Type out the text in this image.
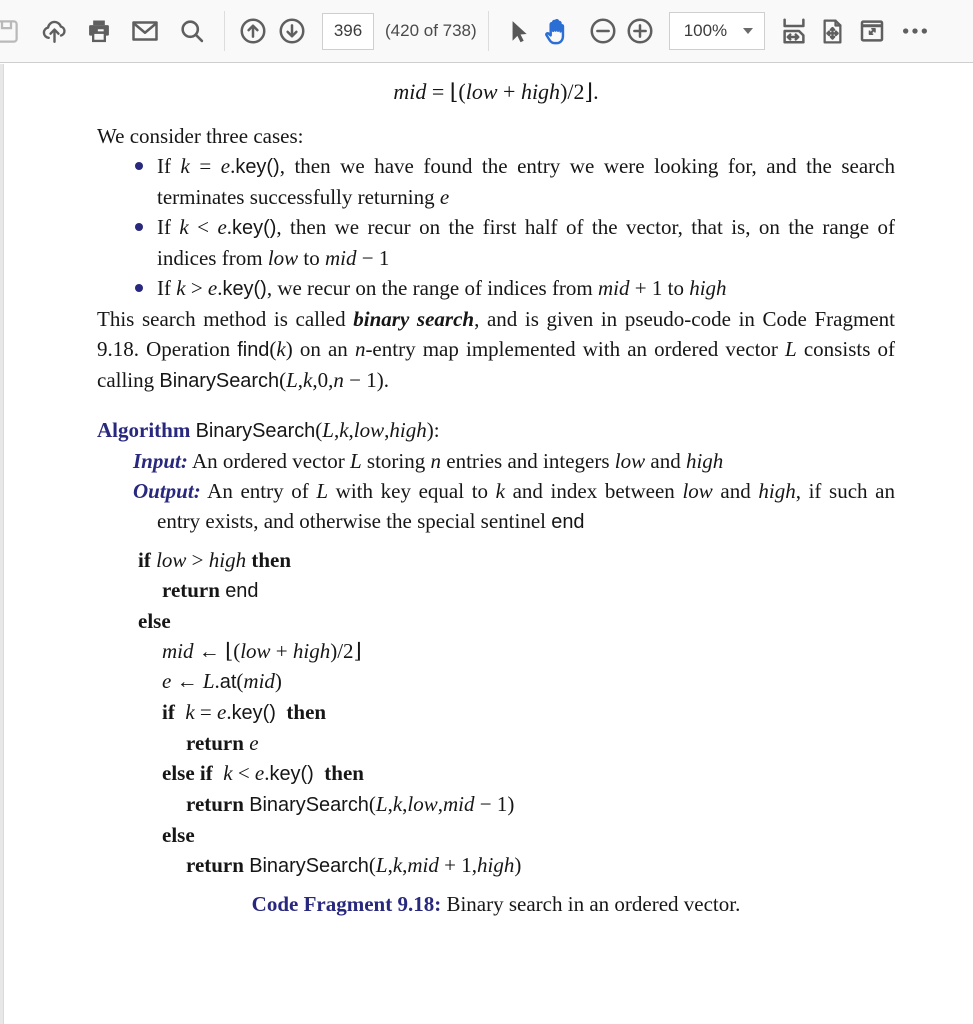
396
(420 of 738)	100%
mid = ⌊(low + high)/2⌋.
We consider three cases:
If k = e.key(), then we have found the entry we were looking for, and the search terminates successfully returning e
If k < e.key(), then we recur on the first half of the vector, that is, on the range of indices from low to mid − 1
If k > e.key(), we recur on the range of indices from mid + 1 to high
This search method is called binary search, and is given in pseudo-code in Code Fragment 9.18. Operation find(k) on an n-entry map implemented with an ordered vector L consists of calling BinarySearch(L,k,0,n − 1).
Algorithm BinarySearch(L,k,low,high):
Input: An ordered vector L storing n entries and integers low and high
Output: An entry of L with key equal to k and index between low and high, if such an entry exists, and otherwise the special sentinel end
if low > high then
return end
else
mid ← ⌊(low + high)/2⌋
e ← L.at(mid)
if  k = e.key()  then
return e
else if  k < e.key()  then
return BinarySearch(L,k,low,mid − 1)
else
return BinarySearch(L,k,mid + 1,high)
Code Fragment 9.18: Binary search in an ordered vector.
